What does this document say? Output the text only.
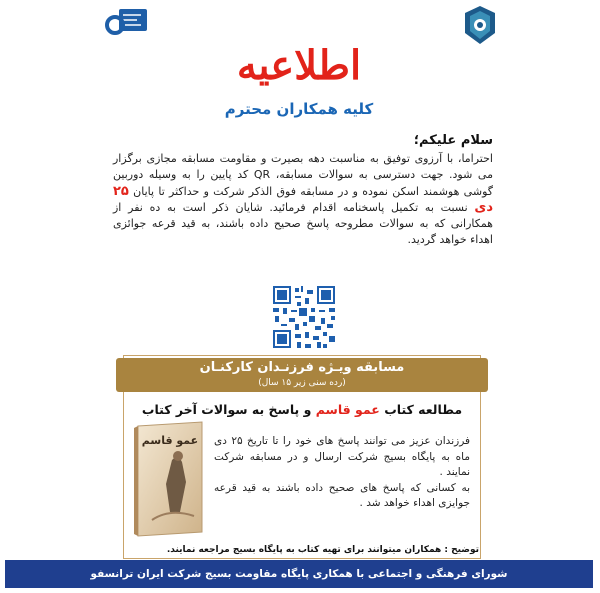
اطلاعیه
کلیه همکاران محترم
سلام علیکم؛

احتراما، با آرزوی توفیق به مناسبت دهه بصیرت و مقاومت مسابقه مجازی برگزار می شود. جهت دسترسی به سوالات مسابقه، QR کد پایین را به وسیله دوربین گوشی هوشمند اسکن نموده و در مسابقه فوق الذکر شرکت و حداکثر تا پایان ۲۵ دی نسبت به تکمیل پاسخنامه اقدام فرمائید. شایان ذکر است به ده نفر از همکارانی که به سوالات مطروحه پاسخ صحیح داده باشند، به قید قرعه جوائزی اهداء خواهد گردید.

مسابقه ویـژه فرزنـدان کارکنـان
(رده سنی زیر ۱۵ سال)
مطالعه کتاب عمو قاسم و پاسخ به سوالات آخر کتاب
عمو قاسم فرزندان عزیز می توانند پاسخ های خود را تا تاریخ ۲۵ دی ماه به پایگاه بسیج شرکت ارسال و در مسابقه شرکت نمایند .

به کسانی که پاسخ های صحیح داده باشند به قید قرعه جوایزی اهداء خواهد شد .

توضیح : همکاران میتوانند برای تهیه کتاب به پایگاه بسیج مراجعه نمایند.
شورای فرهنگی و اجتماعی با همکاری پایگاه مقاومت بسیج شرکت ایران ترانسفو
